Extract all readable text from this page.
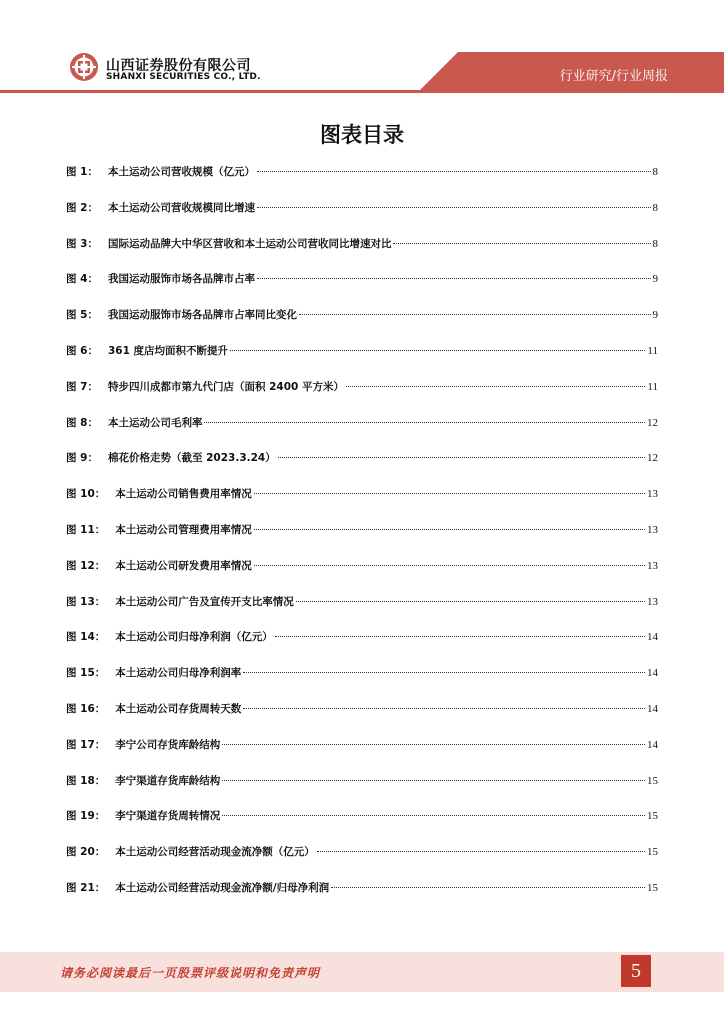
山西证券股份有限公司
SHANXI SECURITIES CO., LTD.	行业研究/行业周报
图表目录
图 1： 本土运动公司营收规模（亿元）	8
图 2： 本土运动公司营收规模同比增速	8
图 3： 国际运动品牌大中华区营收和本土运动公司营收同比增速对比	8
图 4： 我国运动服饰市场各品牌市占率	9
图 5： 我国运动服饰市场各品牌市占率同比变化	9
图 6： 361 度店均面积不断提升	11
图 7： 特步四川成都市第九代门店（面积 2400 平方米）	11
图 8： 本土运动公司毛利率	12
图 9： 棉花价格走势（截至 2023.3.24）	12
图 10： 本土运动公司销售费用率情况	13
图 11： 本土运动公司管理费用率情况	13
图 12： 本土运动公司研发费用率情况	13
图 13： 本土运动公司广告及宣传开支比率情况	13
图 14： 本土运动公司归母净利润（亿元）	14
图 15： 本土运动公司归母净利润率	14
图 16： 本土运动公司存货周转天数	14
图 17： 李宁公司存货库龄结构	14
图 18： 李宁渠道存货库龄结构	15
图 19： 李宁渠道存货周转情况	15
图 20： 本土运动公司经营活动现金流净额（亿元）	15
图 21： 本土运动公司经营活动现金流净额/归母净利润	15
请务必阅读最后一页股票评级说明和免责声明	5
